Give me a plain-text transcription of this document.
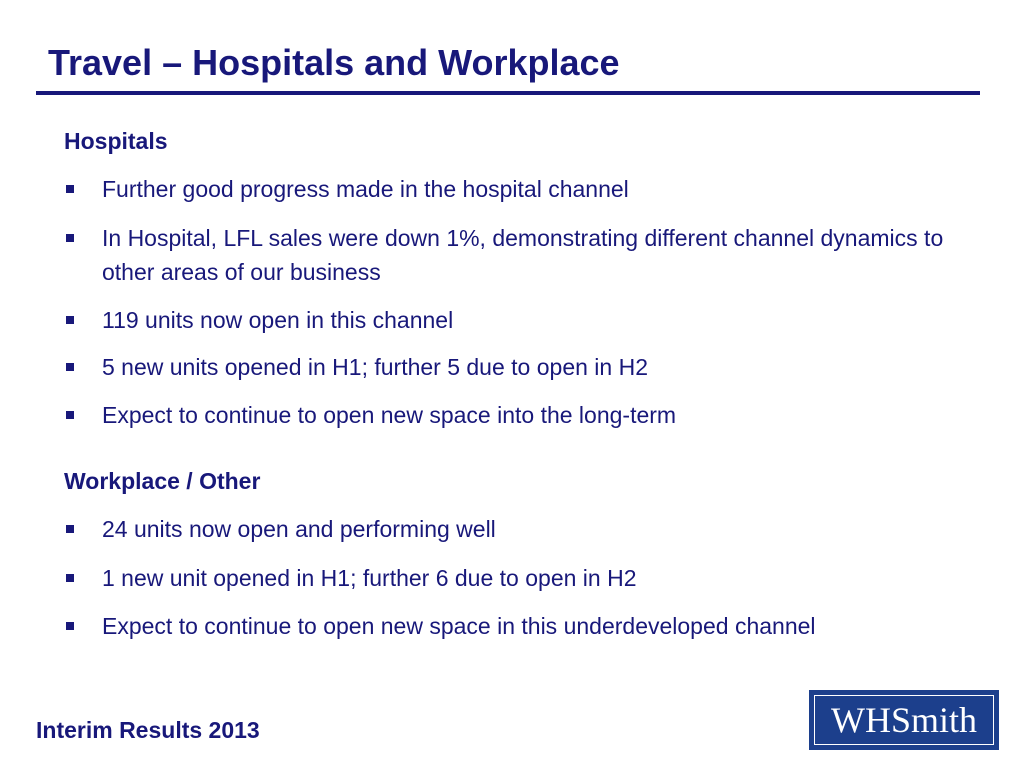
Travel – Hospitals and Workplace
Hospitals
Further good progress made in the hospital channel
In Hospital, LFL sales were down 1%, demonstrating different channel dynamics to other areas of our business
119 units now open in this channel
5 new units opened in H1; further 5 due to open in H2
Expect to continue to open new space into the long-term
Workplace / Other
24 units now open and performing well
1 new unit opened in H1; further 6 due to open in H2
Expect to continue to open new space in this underdeveloped channel
Interim Results 2013	WHSmith
